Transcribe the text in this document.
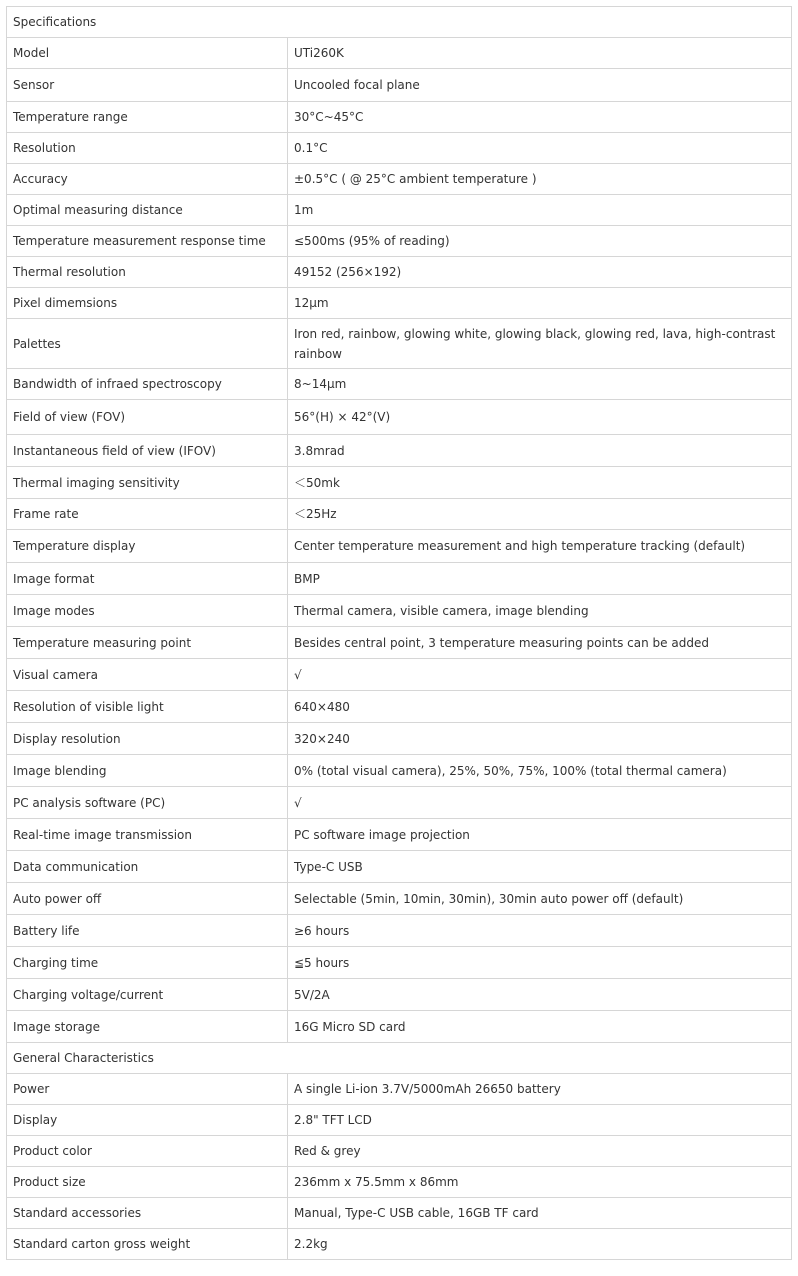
Specifications	
Model	UTi260K
Sensor	Uncooled focal plane
Temperature range	30°C~45°C
Resolution	0.1°C
Accuracy	±0.5°C ( @ 25°C ambient temperature )
Optimal measuring distance	1m
Temperature measurement response time	≤500ms (95% of reading)
Thermal resolution	49152 (256×192)
Pixel dimemsions	12μm
Palettes	Iron red, rainbow, glowing white, glowing black, glowing red, lava, high-contrast rainbow
Bandwidth of infraed spectroscopy	8~14μm
Field of view (FOV)	56°(H) × 42°(V)
Instantaneous field of view (IFOV)	3.8mrad
Thermal imaging sensitivity	＜50mk
Frame rate	＜25Hz
Temperature display	Center temperature measurement and high temperature tracking (default)
Image format	BMP
Image modes	Thermal camera, visible camera, image blending
Temperature measuring point	Besides central point, 3 temperature measuring points can be added
Visual camera	√
Resolution of visible light	640×480
Display resolution	320×240
Image blending	0% (total visual camera), 25%, 50%, 75%, 100% (total thermal camera)
PC analysis software (PC)	√
Real-time image transmission	PC software image projection
Data communication	Type-C USB
Auto power off	Selectable (5min, 10min, 30min), 30min auto power off (default)
Battery life	≥6 hours
Charging time	≦5 hours
Charging voltage/current	5V/2A
Image storage	16G Micro SD card
General Characteristics	
Power	A single Li-ion 3.7V/5000mAh 26650 battery
Display	2.8" TFT LCD
Product color	Red & grey
Product size	236mm x 75.5mm x 86mm
Standard accessories	Manual, Type-C USB cable, 16GB TF card
Standard carton gross weight	2.2kg
